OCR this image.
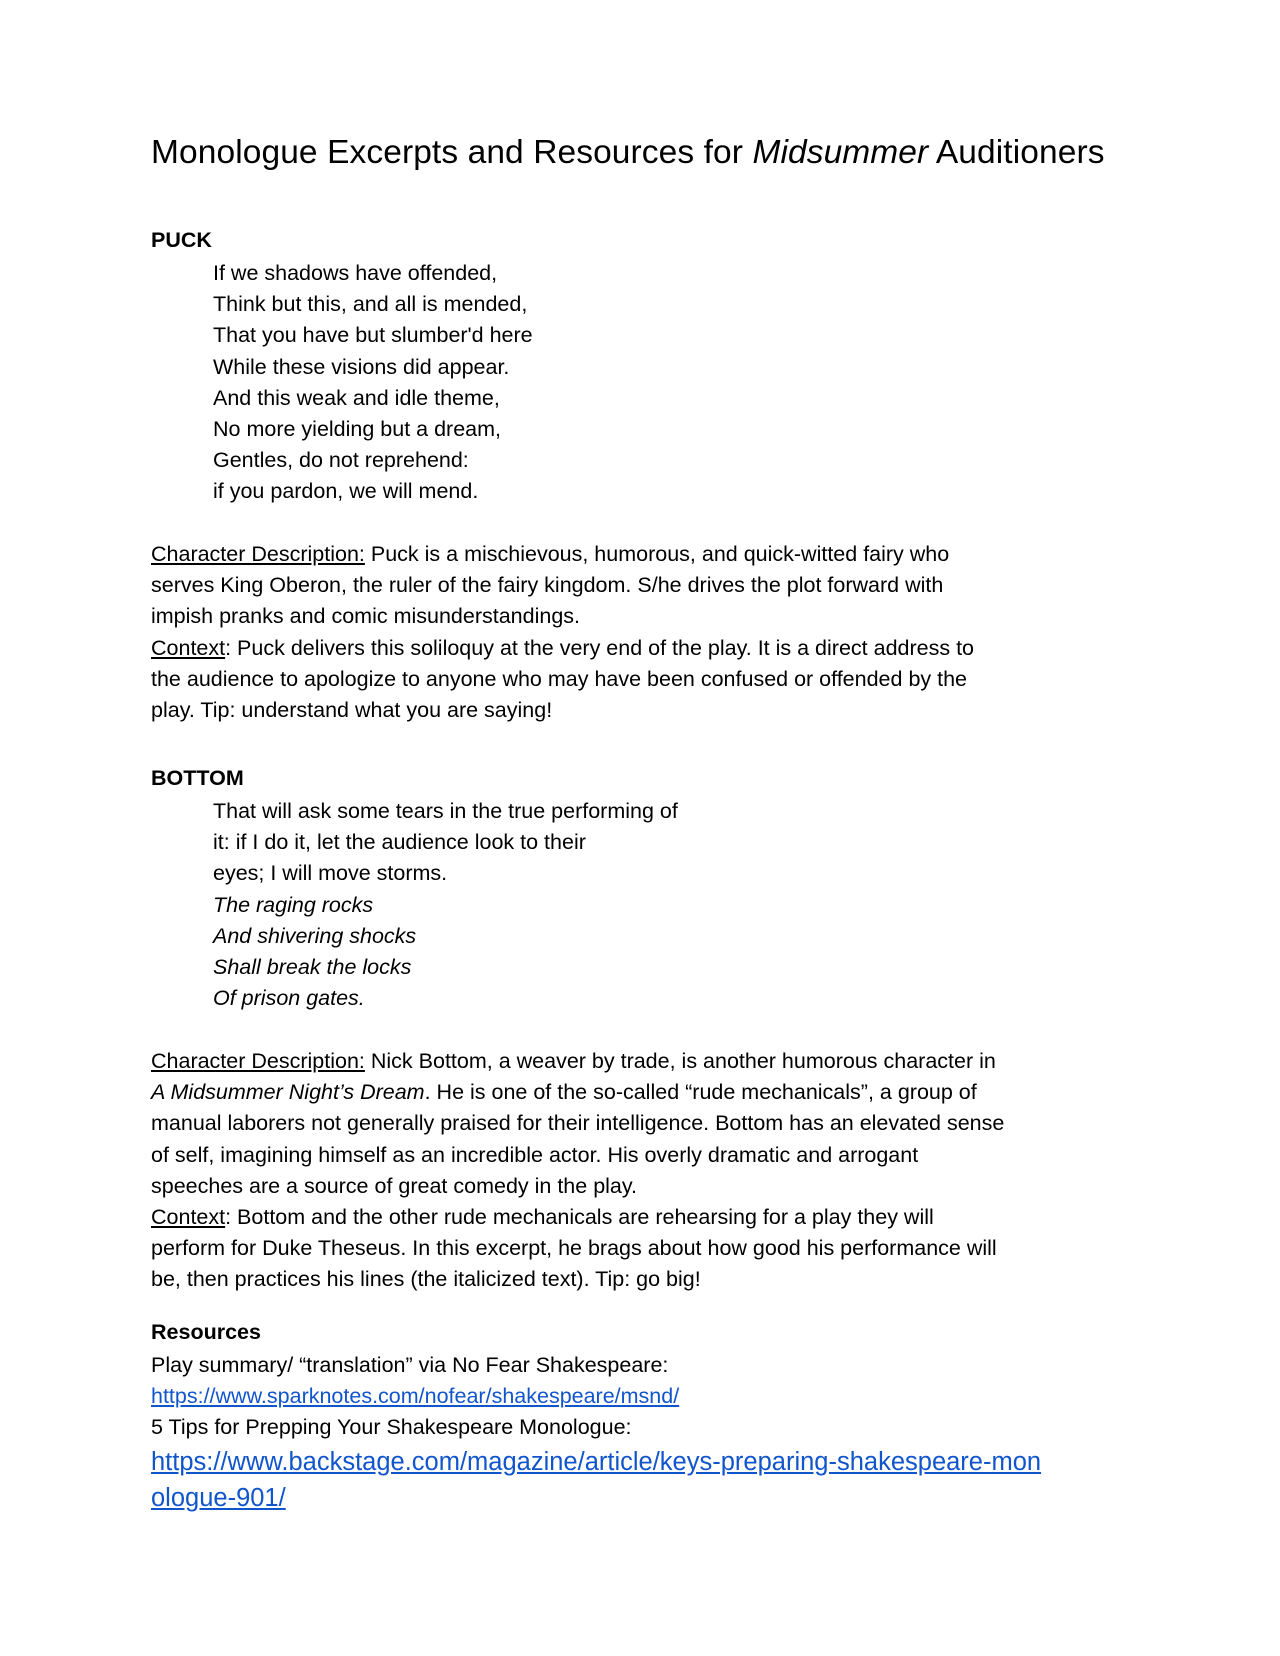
Monologue Excerpts and Resources for Midsummer Auditioners
PUCK
If we shadows have offended,
Think but this, and all is mended,
That you have but slumber'd here
While these visions did appear.
And this weak and idle theme,
No more yielding but a dream,
Gentles, do not reprehend:
if you pardon, we will mend.
Character Description: Puck is a mischievous, humorous, and quick-witted fairy who
serves King Oberon, the ruler of the fairy kingdom. S/he drives the plot forward with
impish pranks and comic misunderstandings.
Context: Puck delivers this soliloquy at the very end of the play. It is a direct address to
the audience to apologize to anyone who may have been confused or offended by the
play. Tip: understand what you are saying!
BOTTOM
That will ask some tears in the true performing of
it: if I do it, let the audience look to their
eyes; I will move storms.
The raging rocks
And shivering shocks
Shall break the locks
Of prison gates.
Character Description: Nick Bottom, a weaver by trade, is another humorous character in
A Midsummer Night’s Dream. He is one of the so-called “rude mechanicals”, a group of
manual laborers not generally praised for their intelligence. Bottom has an elevated sense
of self, imagining himself as an incredible actor. His overly dramatic and arrogant
speeches are a source of great comedy in the play.
Context: Bottom and the other rude mechanicals are rehearsing for a play they will
perform for Duke Theseus. In this excerpt, he brags about how good his performance will
be, then practices his lines (the italicized text). Tip: go big!
Resources
Play summary/ “translation” via No Fear Shakespeare:
https://www.sparknotes.com/nofear/shakespeare/msnd/
5 Tips for Prepping Your Shakespeare Monologue:
https://www.backstage.com/magazine/article/keys-preparing-shakespeare-mon
ologue-901/
